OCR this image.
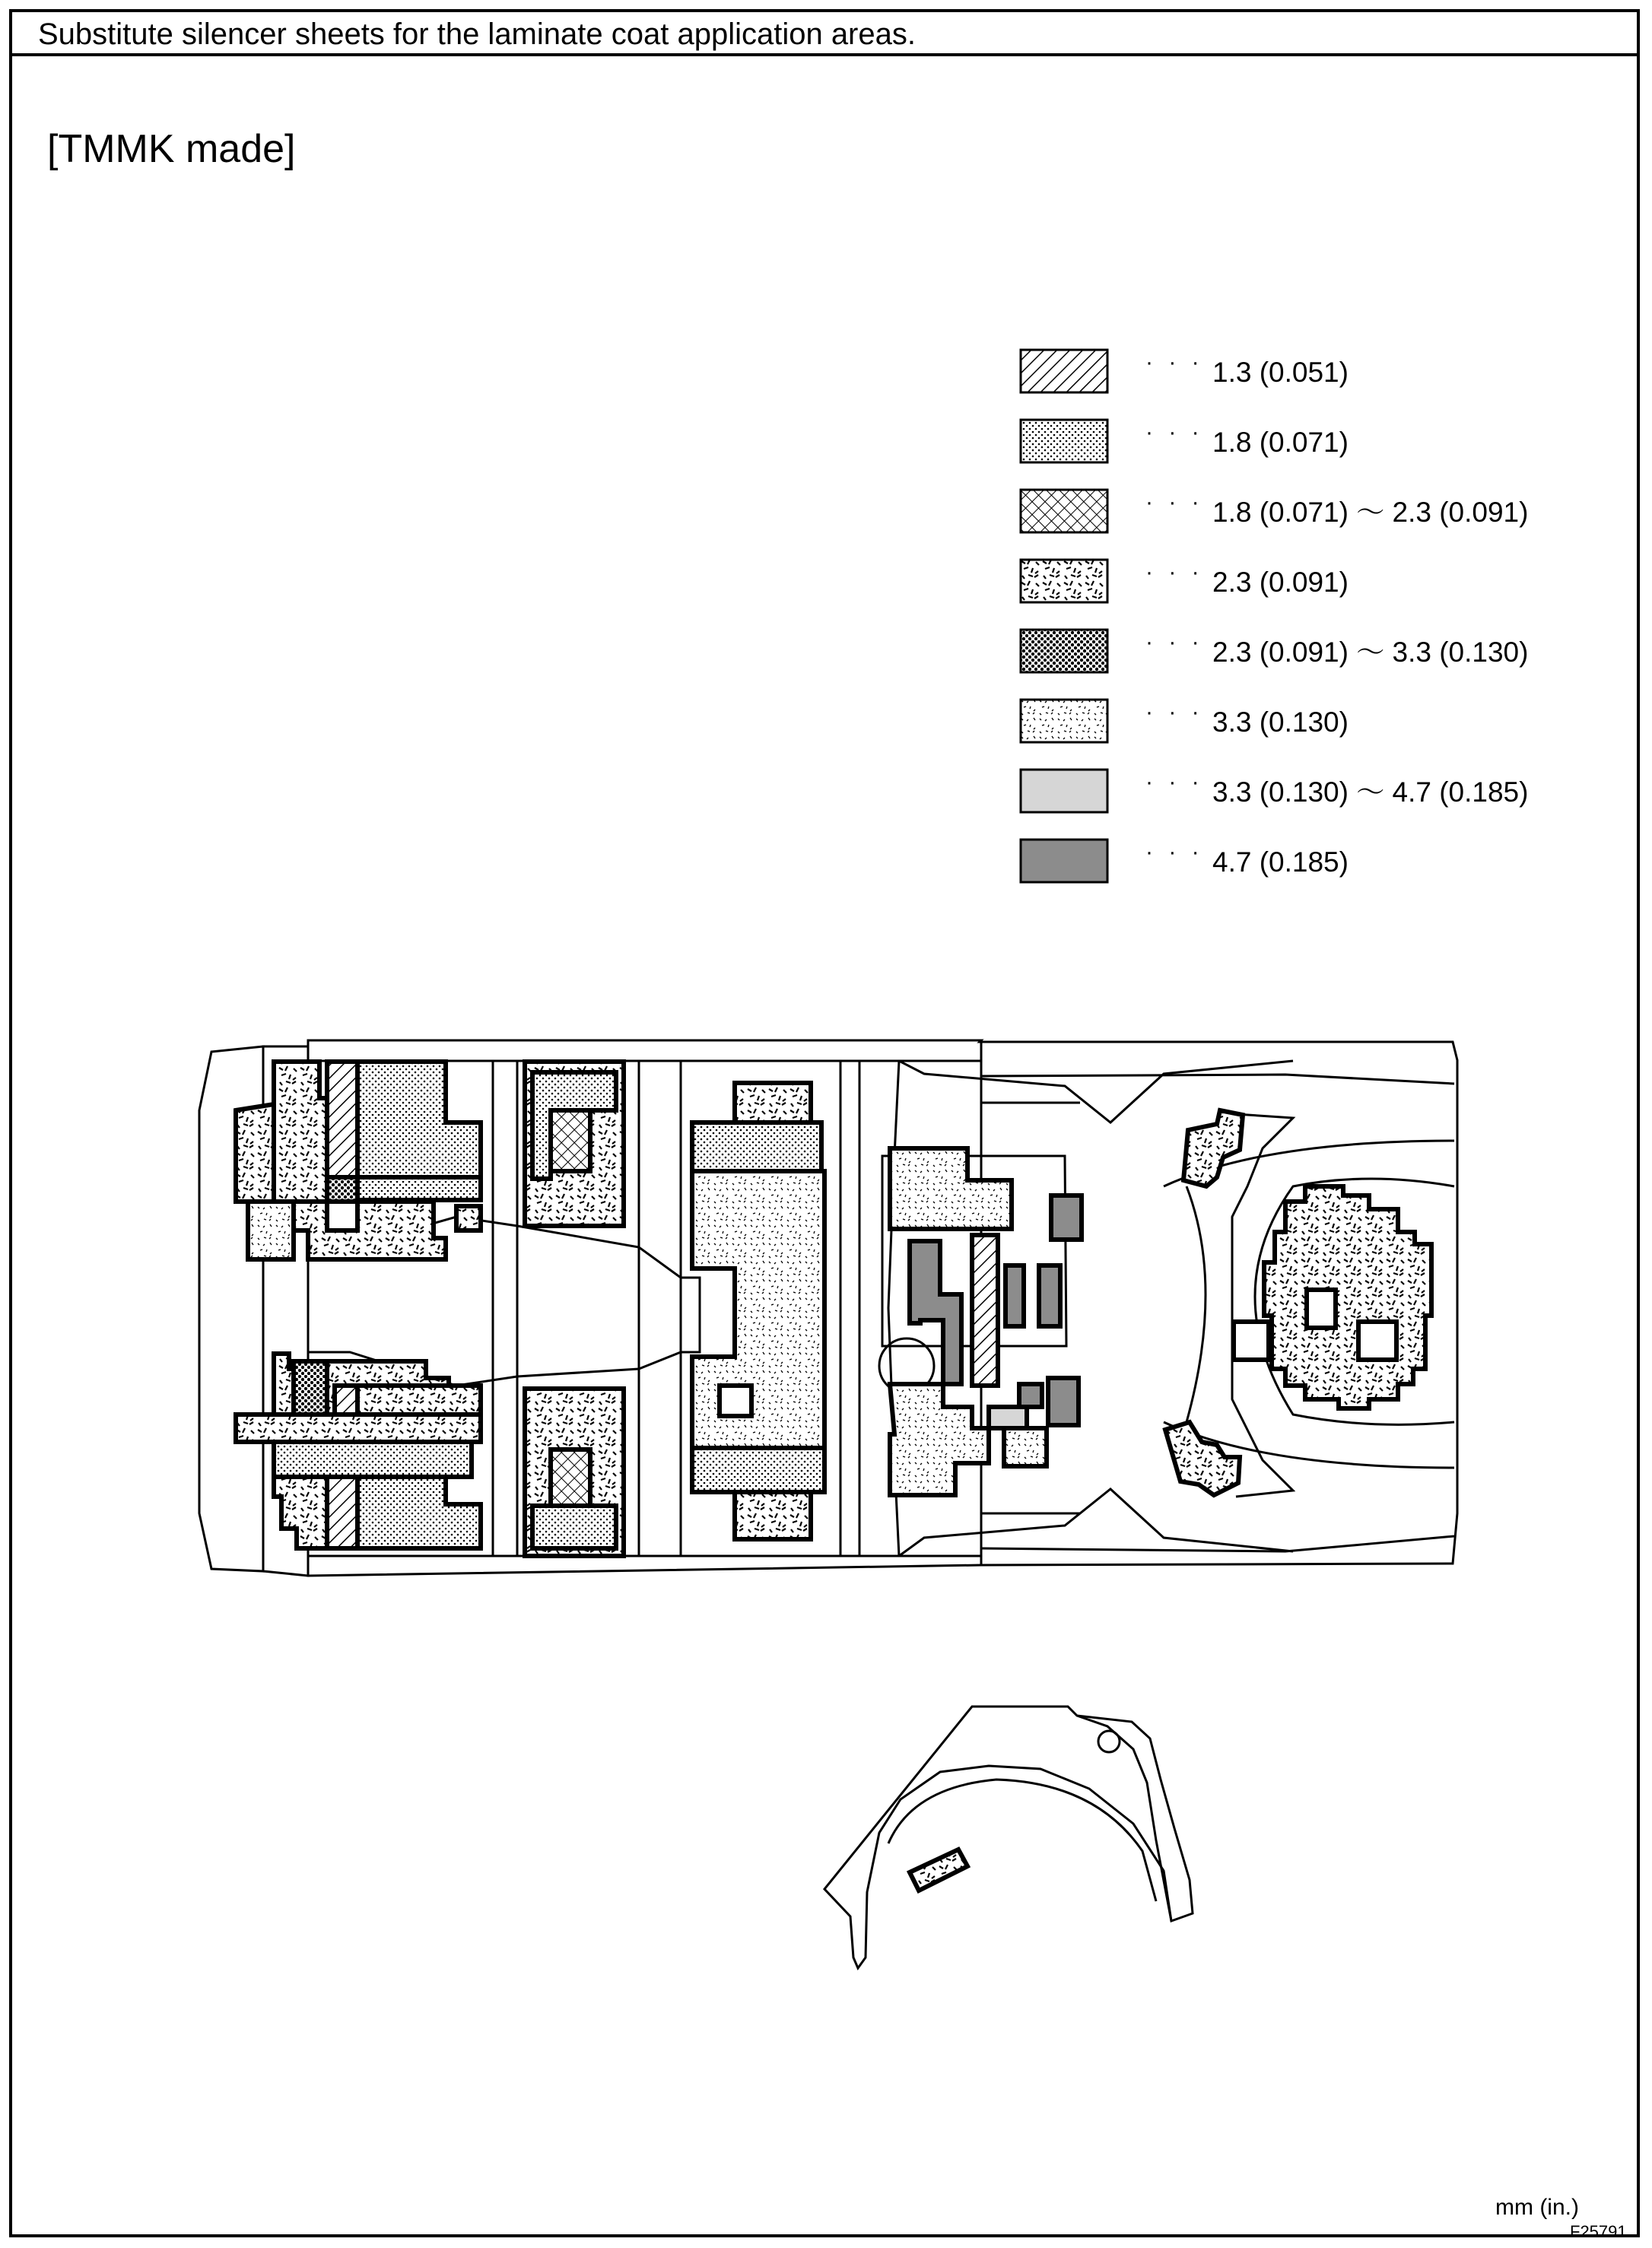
Substitute silencer sheets for the laminate coat application areas.
[TMMK made]
· · · 1.3 (0.051)
· · · 1.8 (0.071)
· · · 1.8 (0.071) ～ 2.3 (0.091)
· · · 2.3 (0.091)
· · · 2.3 (0.091) ～ 3.3 (0.130)
· · · 3.3 (0.130)
· · · 3.3 (0.130) ～ 4.7 (0.185)
· · · 4.7 (0.185)
mm (in.)
F25791
